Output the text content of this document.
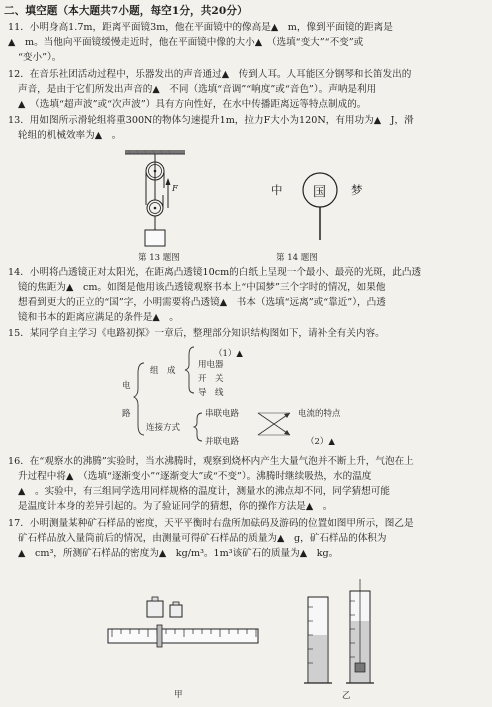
二、填空题（本大题共7小题，每空1分，共20分）

11．小明身高1.7m，距离平面镜3m，他在平面镜中的像高是▲　m，像到平面镜的距离是

▲　m。当他向平面镜缓慢走近时，他在平面镜中像的大小▲　（选填“变大”“不变”或

“变小”）。

12．在音乐社团活动过程中，乐器发出的声音通过▲　传到人耳。人耳能区分钢琴和长笛发出的

声音，是由于它们所发出声音的▲　不同（选填“音调”“响度”或“音色”）。声呐是利用

▲　（选填“超声波”或“次声波”）具有方向性好，在水中传播距离远等特点制成的。

13．用如图所示滑轮组将重300N的物体匀速提升1m，拉力F大小为120N，有用功为▲　J，滑

轮组的机械效率为▲　。

F
第 13 题图
中 国 梦
第 14 题图

14．小明将凸透镜正对太阳光，在距离凸透镜10cm的白纸上呈现一个最小、最亮的光斑，此凸透

镜的焦距为▲　cm。如图是他用该凸透镜观察书本上“中国梦”三个字时的情况，如果他

想看到更大的正立的“国”字，小明需要将凸透镜▲　书本（选填“远离”或“靠近”），凸透

镜和书本的距离应满足的条件是▲　。

15．某同学自主学习《电路初探》一章后，整理部分知识结构图如下，请补全有关内容。

电
路
组　成
（1）▲
用电器
开　关
导　线
连接方式
串联电路
并联电路
电流的特点
（2）▲

16．在“观察水的沸腾”实验时，当水沸腾时，观察到烧杯内产生大量气泡并不断上升，气泡在上

升过程中将▲　（选填“逐渐变小”“逐渐变大”或“不变”）。沸腾时继续吸热，水的温度

▲　。实验中，有三组同学选用同样规格的温度计，测量水的沸点却不同，同学猜想可能

是温度计本身的差异引起的。为了验证同学的猜想，你的操作方法是▲　。

17．小明测量某种矿石样品的密度，天平平衡时右盘所加砝码及游码的位置如图甲所示，图乙是

矿石样品放入量筒前后的情况，由测量可得矿石样品的质量为▲　g，矿石样品的体积为

▲　cm³，所测矿石样品的密度为▲　kg/m³。1m³该矿石的质量为▲　kg。

甲	乙
